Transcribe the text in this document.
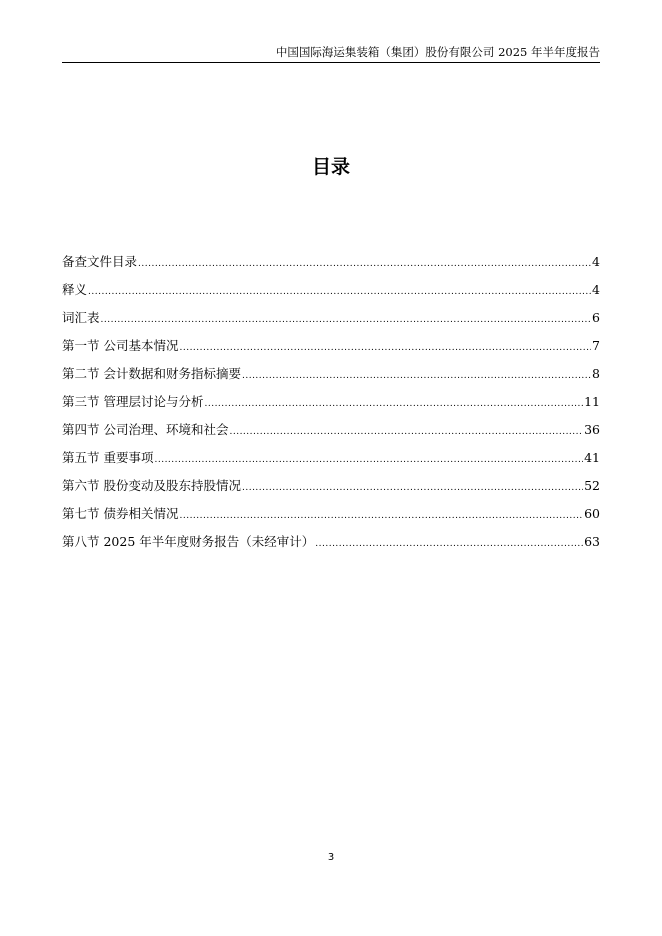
中国国际海运集装箱（集团）股份有限公司 2025 年半年度报告
目录
备查文件目录 .....	4
释义 .....	4
词汇表 .....	6
第一节 公司基本情况 .....	7
第二节 会计数据和财务指标摘要 .....	8
第三节 管理层讨论与分析 .....	11
第四节 公司治理、环境和社会 .....	36
第五节 重要事项 .....	41
第六节 股份变动及股东持股情况 .....	52
第七节 债券相关情况 .....	60
第八节 2025 年半年度财务报告（未经审计） .....	63
3
